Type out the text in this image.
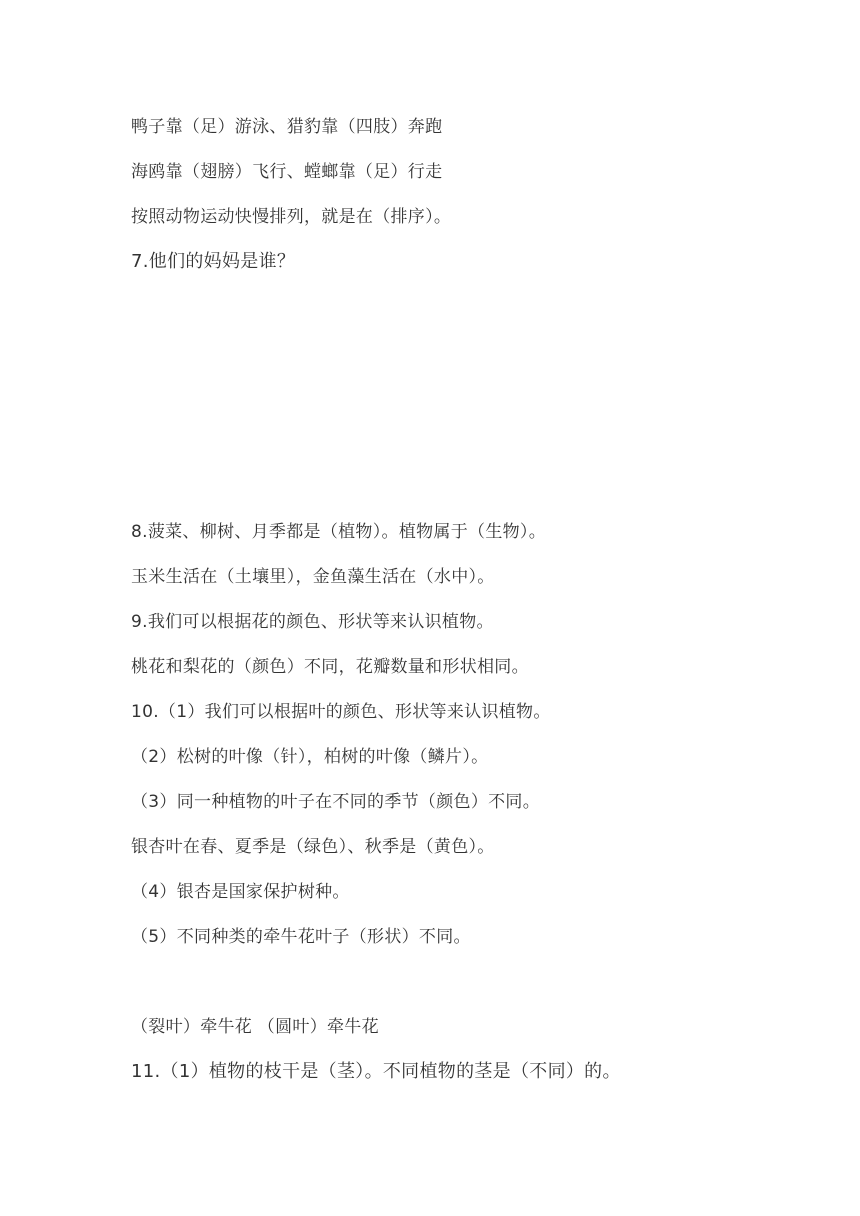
鸭子靠（足）游泳、猎豹靠（四肢）奔跑
海鸥靠（翅膀）飞行、螳螂靠（足）行走
按照动物运动快慢排列，就是在（排序）。
7.他们的妈妈是谁？
8.菠菜、柳树、月季都是（植物）。植物属于（生物）。
玉米生活在（土壤里），金鱼藻生活在（水中）。
9.我们可以根据花的颜色、形状等来认识植物。
桃花和梨花的（颜色）不同，花瓣数量和形状相同。
10.（1）我们可以根据叶的颜色、形状等来认识植物。
（2）松树的叶像（针），柏树的叶像（鳞片）。
（3）同一种植物的叶子在不同的季节（颜色）不同。
银杏叶在春、夏季是（绿色）、秋季是（黄色）。
（4）银杏是国家保护树种。
（5）不同种类的牵牛花叶子（形状）不同。
（裂叶）牵牛花 （圆叶）牵牛花
11.（1）植物的枝干是（茎）。不同植物的茎是（不同）的。
